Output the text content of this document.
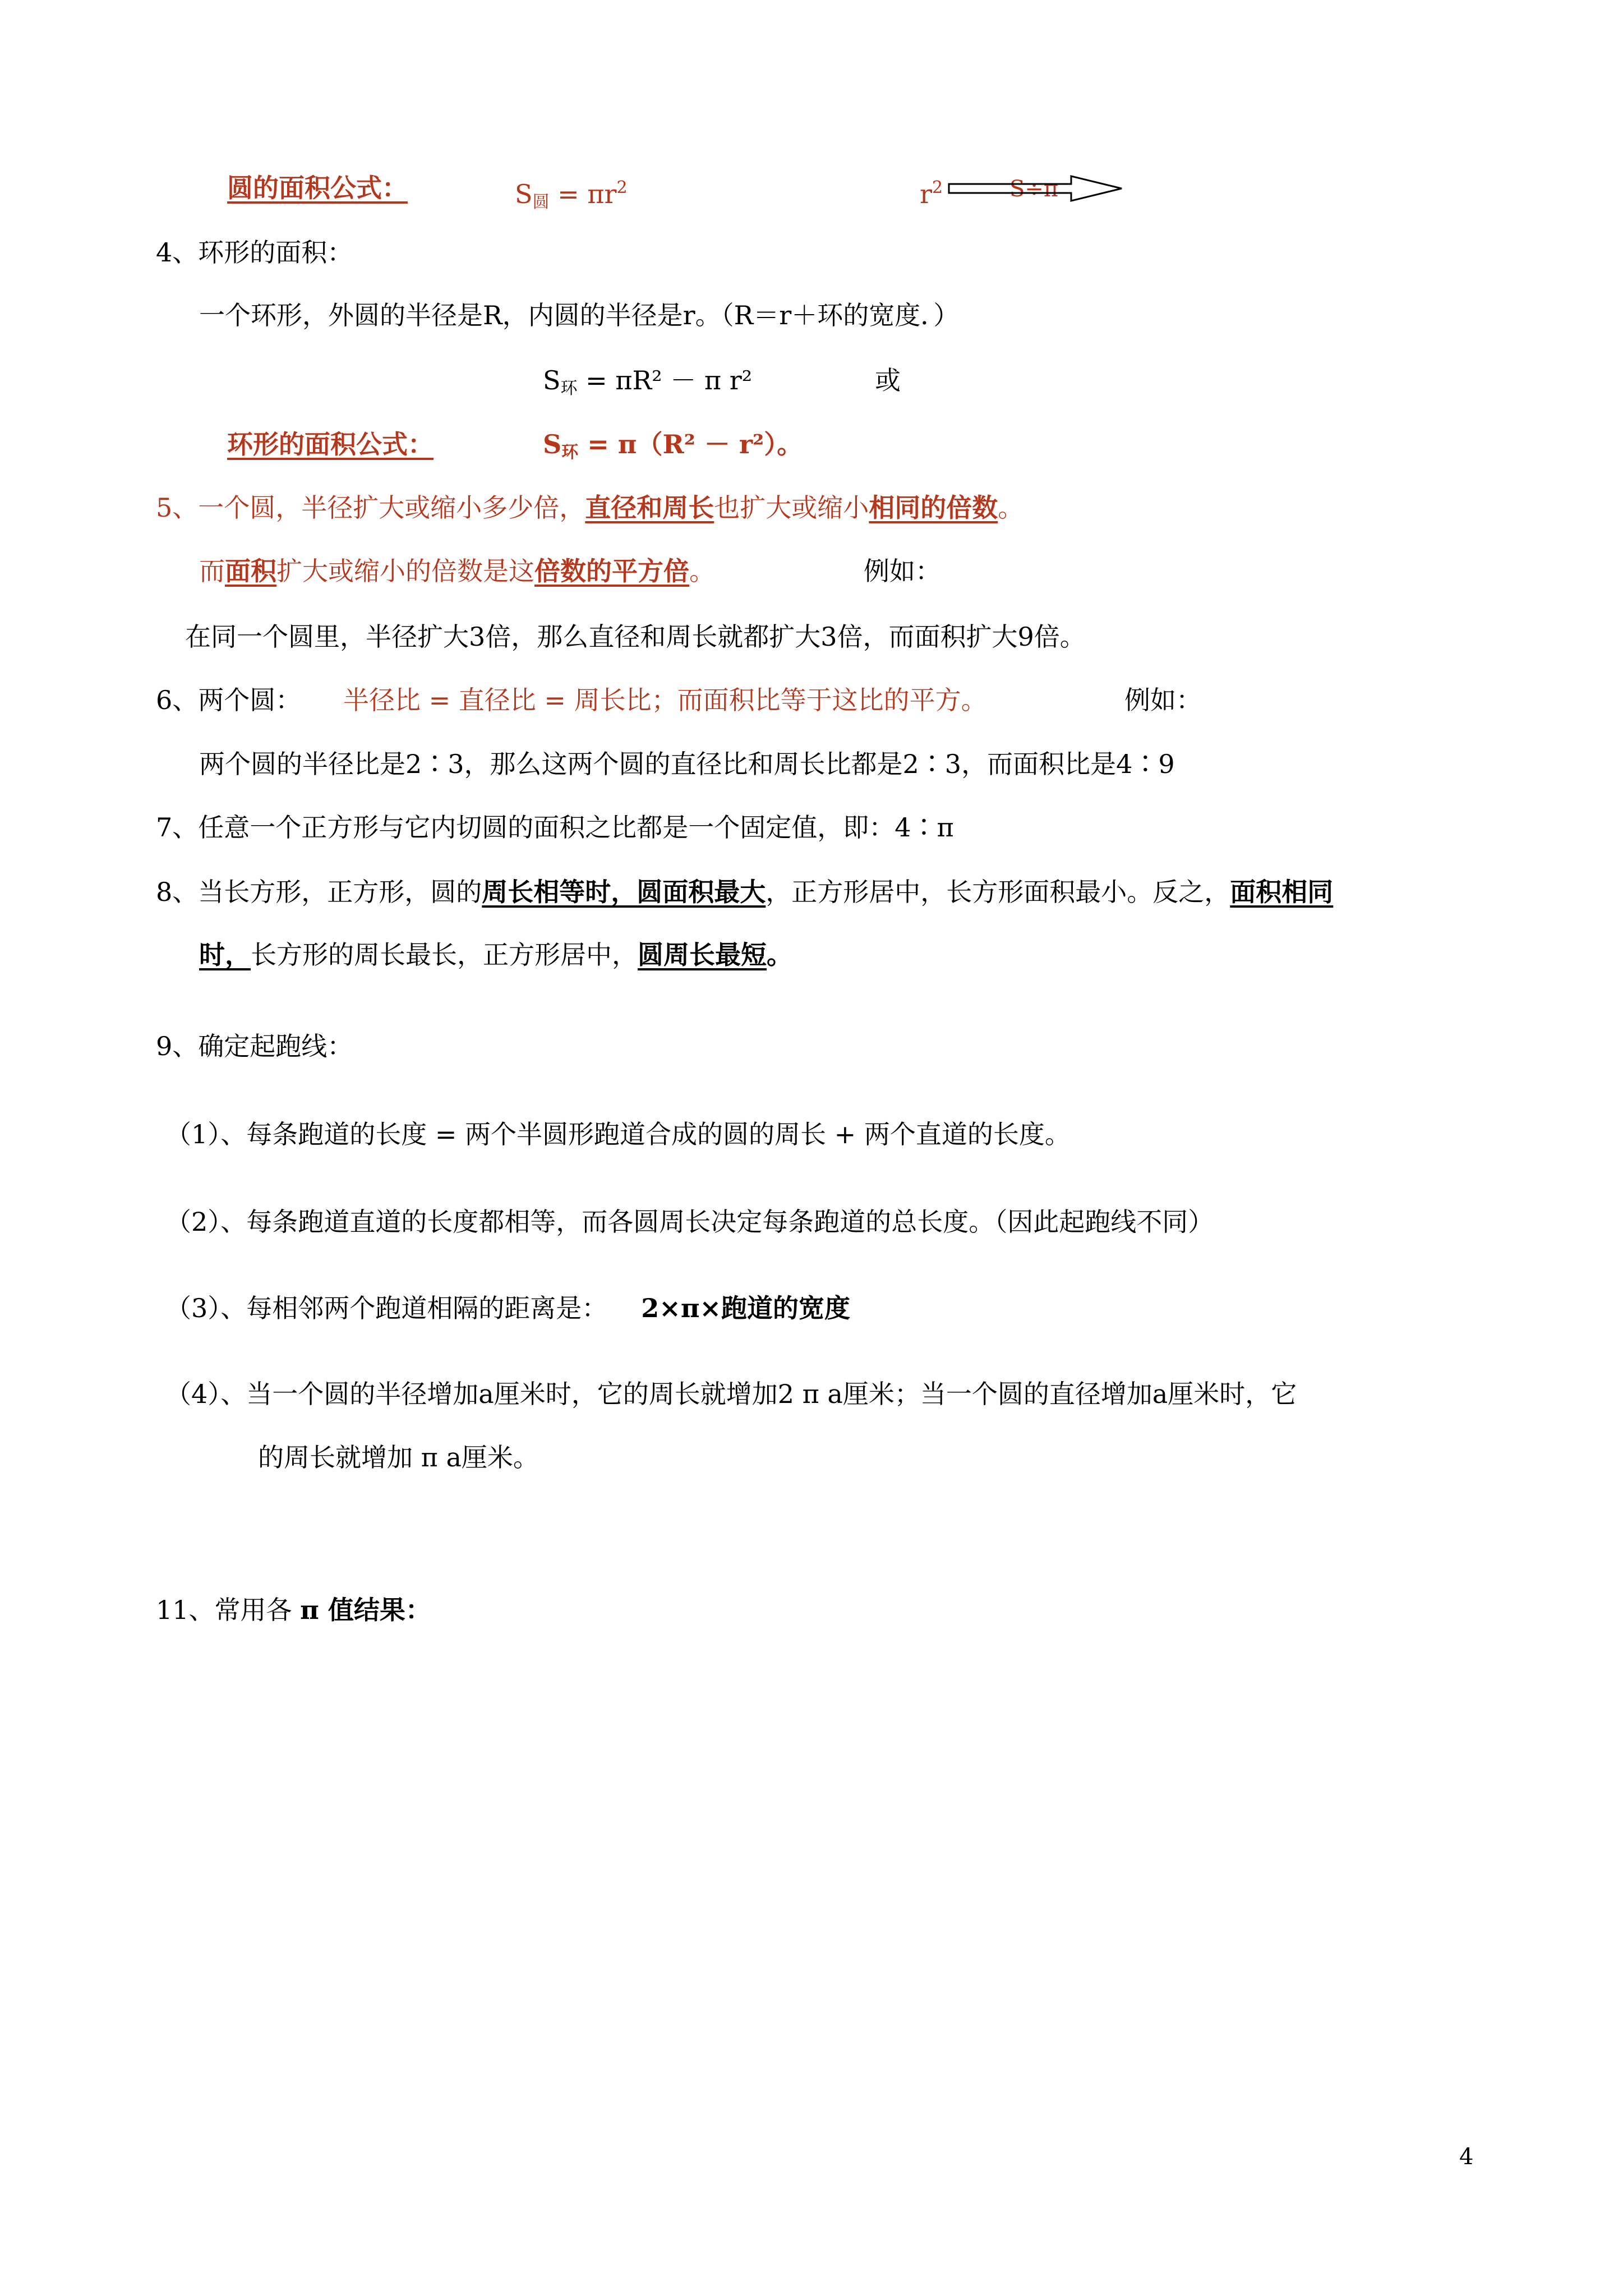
圆的面积公式：	$S_圆 = \pi r^2$	$r^2$	S÷π
4、环形的面积：
一个环形，外圆的半径是R，内圆的半径是r。（R＝r＋环的宽度．）
$S_环 = \pi R^2 - \pi$ r²	或
环形的面积公式：	$S_环 = \pi(R^2 - r^2)$。
5、一个圆，半径扩大或缩小多少倍，直径和周长也扩大或缩小相同的倍数。
而面积扩大或缩小的倍数是这倍数的平方倍。	例如：
在同一个圆里，半径扩大3倍，那么直径和周长就都扩大3倍，而面积扩大9倍。
6、两个圆： 半径比 = 直径比 = 周长比；而面积比等于这比的平方。	例如：
两个圆的半径比是2∶3，那么这两个圆的直径比和周长比都是2∶3，而面积比是4∶9
7、任意一个正方形与它内切圆的面积之比都是一个固定值，即：4∶π
8、当长方形，正方形，圆的周长相等时，圆面积最大，正方形居中，长方形面积最小。反之，面积相同
时，长方形的周长最长，正方形居中，圆周长最短。
9、确定起跑线：
（1）、每条跑道的长度 = 两个半圆形跑道合成的圆的周长 + 两个直道的长度。
（2）、每条跑道直道的长度都相等，而各圆周长决定每条跑道的总长度。（因此起跑线不同）
（3）、每相邻两个跑道相隔的距离是： 2×π×跑道的宽度
（4）、当一个圆的半径增加a厘米时，它的周长就增加2 π a厘米；当一个圆的直径增加a厘米时，它
的周长就增加 π a厘米。
11、常用各 π 值结果：
4
